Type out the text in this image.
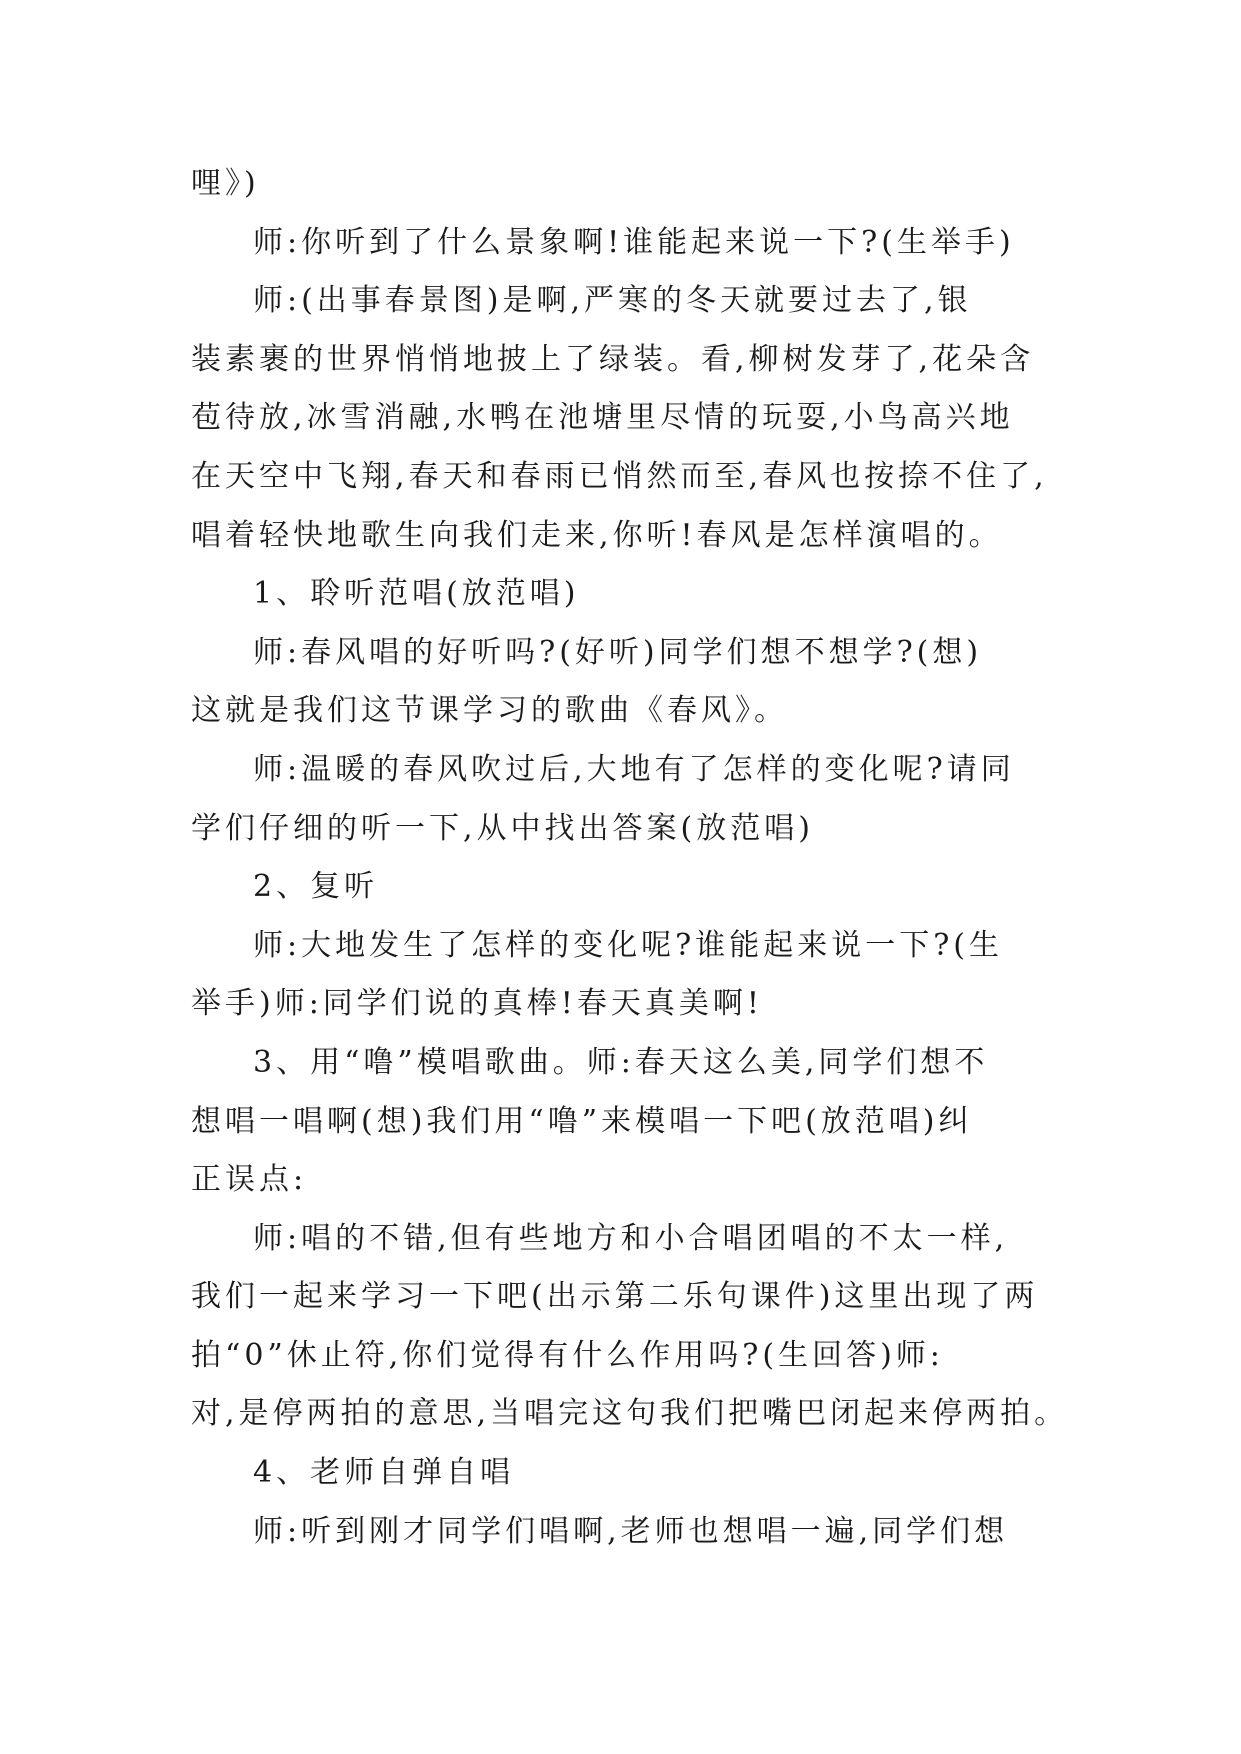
哩》)
师:你听到了什么景象啊!谁能起来说一下?(生举手)
师:(出事春景图)是啊,严寒的冬天就要过去了,银
装素裹的世界悄悄地披上了绿装。看,柳树发芽了,花朵含
苞待放,冰雪消融,水鸭在池塘里尽情的玩耍,小鸟高兴地
在天空中飞翔,春天和春雨已悄然而至,春风也按捺不住了,
唱着轻快地歌生向我们走来,你听!春风是怎样演唱的。
1、聆听范唱(放范唱)
师:春风唱的好听吗?(好听)同学们想不想学?(想)
这就是我们这节课学习的歌曲《春风》。
师:温暖的春风吹过后,大地有了怎样的变化呢?请同
学们仔细的听一下,从中找出答案(放范唱)
2、复听
师:大地发生了怎样的变化呢?谁能起来说一下?(生
举手)师:同学们说的真棒!春天真美啊!
3、用“噜”模唱歌曲。师:春天这么美,同学们想不
想唱一唱啊(想)我们用“噜”来模唱一下吧(放范唱)纠
正误点:
师:唱的不错,但有些地方和小合唱团唱的不太一样,
我们一起来学习一下吧(出示第二乐句课件)这里出现了两
拍“0”休止符,你们觉得有什么作用吗?(生回答)师:
对,是停两拍的意思,当唱完这句我们把嘴巴闭起来停两拍。
4、老师自弹自唱
师:听到刚才同学们唱啊,老师也想唱一遍,同学们想
